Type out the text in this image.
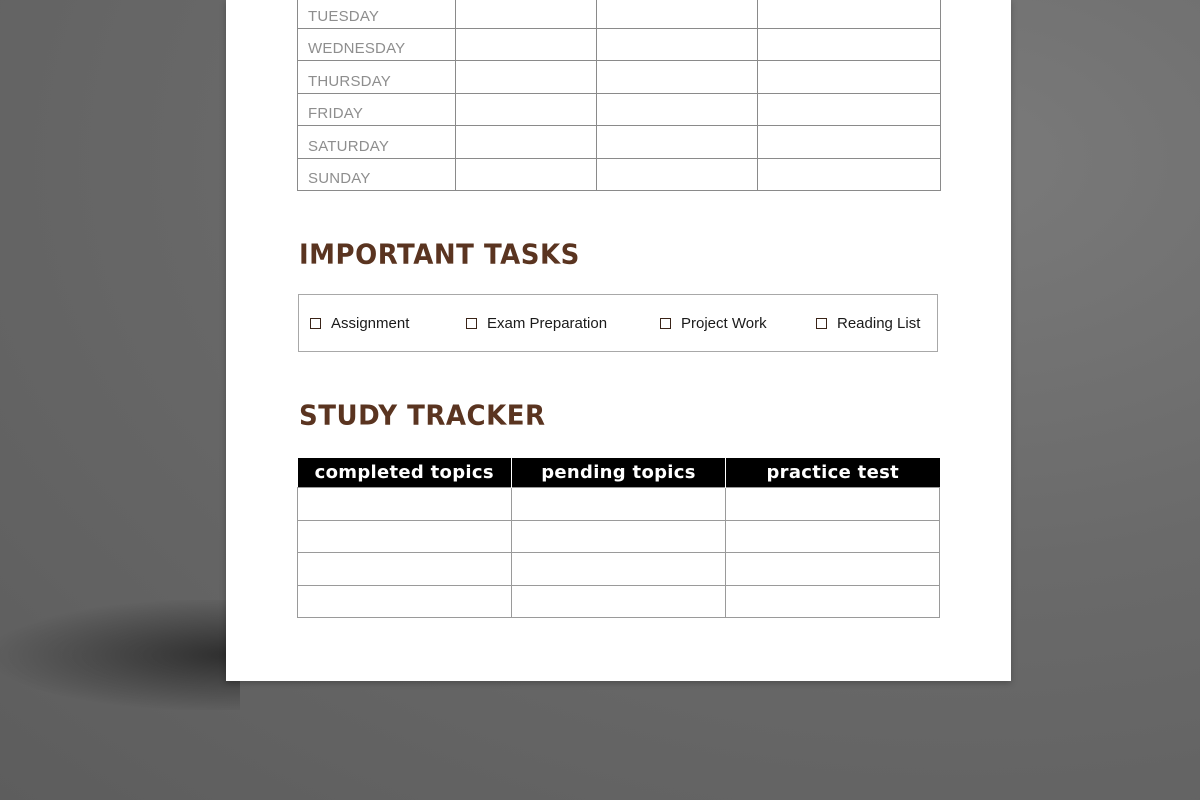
TUESDAY			
WEDNESDAY			
THURSDAY			
FRIDAY			
SATURDAY			
SUNDAY			
IMPORTANT TASKS
Assignment	Exam Preparation	Project Work	Reading List
STUDY TRACKER
completed topics	pending topics	practice test
